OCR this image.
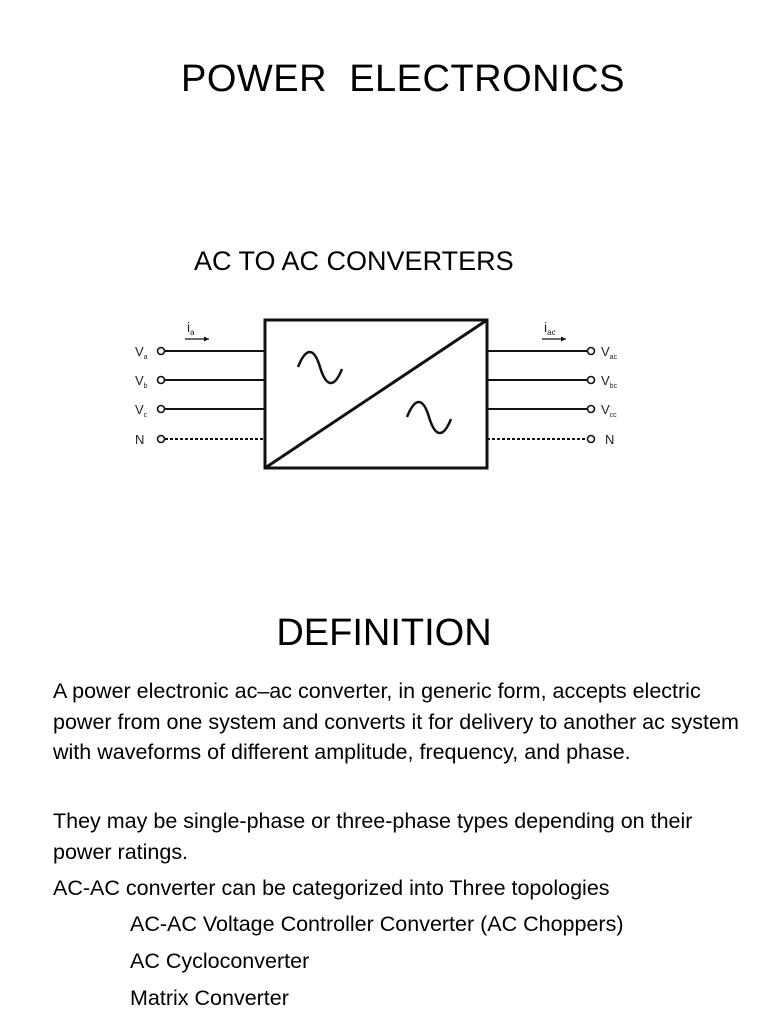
POWER  ELECTRONICS
AC TO AC CONVERTERS
$i_a$	$i_{ac}$
$V_a$
$V_b$
$V_c$
N
$V_{ac}$
$V_{bc}$
$V_{cc}$
N
DEFINITION
A power electronic ac–ac converter, in generic form, accepts electric power from one system and converts it for delivery to another ac system with waveforms of different amplitude, frequency, and phase.
They may be single-phase or three-phase types depending on their power ratings.
AC-AC converter can be categorized into Three topologies
AC-AC Voltage Controller Converter (AC Choppers)
AC Cycloconverter
Matrix Converter
